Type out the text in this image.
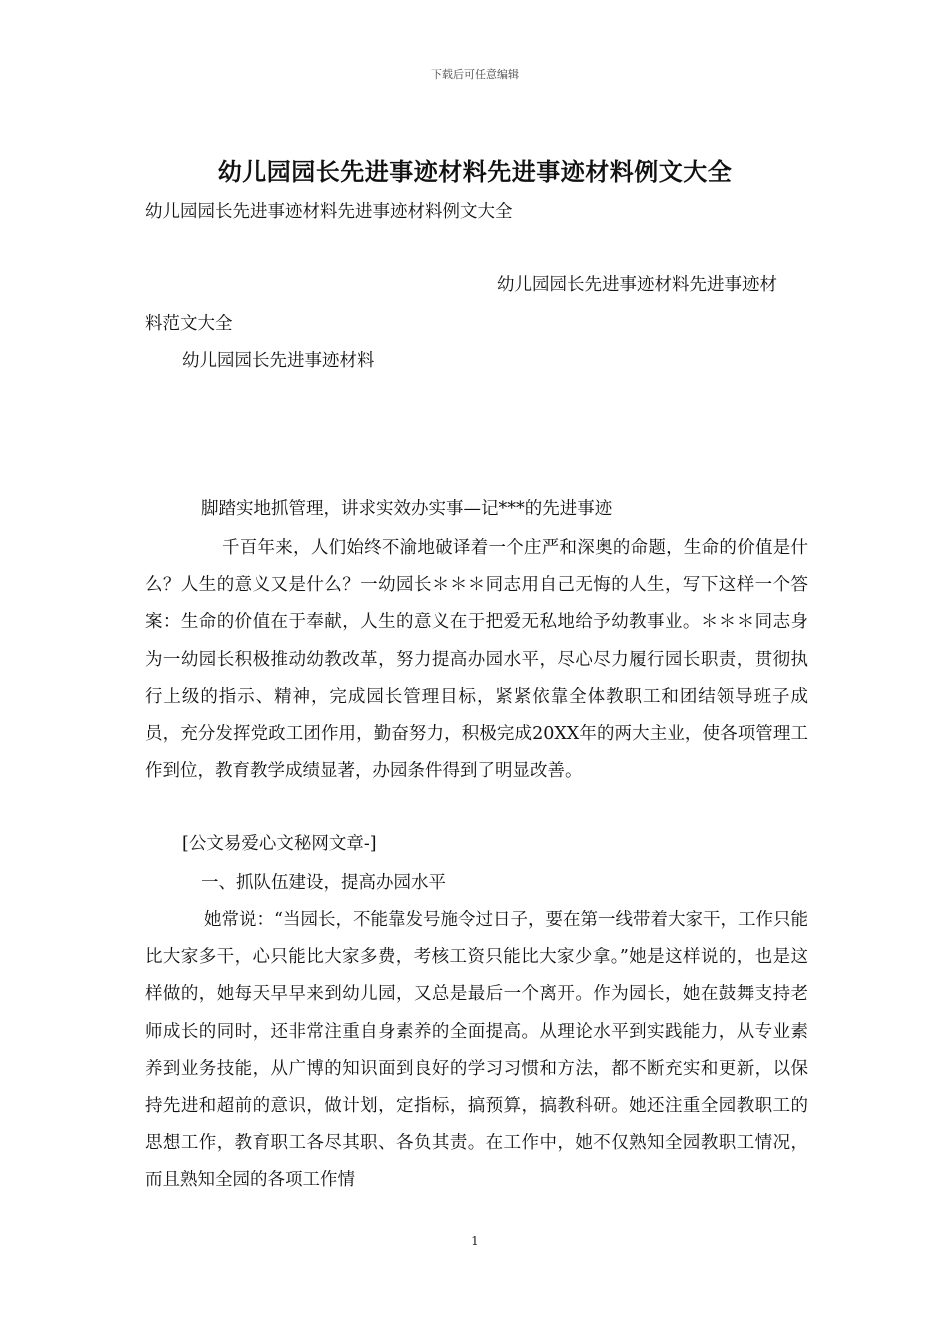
下载后可任意编辑
幼儿园园长先进事迹材料先进事迹材料例文大全
幼儿园园长先进事迹材料先进事迹材料例文大全
幼儿园园长先进事迹材料先进事迹材
料范文大全
幼儿园园长先进事迹材料
脚踏实地抓管理，讲求实效办实事—记***的先进事迹
千百年来，人们始终不渝地破译着一个庄严和深奥的命题，生命的价值是什么？人生的意义又是什么？一幼园长＊＊＊同志用自己无悔的人生，写下这样一个答案：生命的价值在于奉献，人生的意义在于把爱无私地给予幼教事业。＊＊＊同志身为一幼园长积极推动幼教改革，努力提高办园水平，尽心尽力履行园长职责，贯彻执行上级的指示、精神，完成园长管理目标，紧紧依靠全体教职工和团结领导班子成员，充分发挥党政工团作用，勤奋努力，积极完成20XX年的两大主业，使各项管理工作到位，教育教学成绩显著，办园条件得到了明显改善。
[公文易爱心文秘网文章-]
一、抓队伍建设，提高办园水平
她常说：“当园长，不能靠发号施令过日子，要在第一线带着大家干，工作只能比大家多干，心只能比大家多费，考核工资只能比大家少拿。”她是这样说的，也是这样做的，她每天早早来到幼儿园，又总是最后一个离开。作为园长，她在鼓舞支持老师成长的同时，还非常注重自身素养的全面提高。从理论水平到实践能力，从专业素养到业务技能，从广博的知识面到良好的学习习惯和方法，都不断充实和更新，以保持先进和超前的意识，做计划，定指标，搞预算，搞教科研。她还注重全园教职工的思想工作，教育职工各尽其职、各负其责。在工作中，她不仅熟知全园教职工情况，而且熟知全园的各项工作情
1
